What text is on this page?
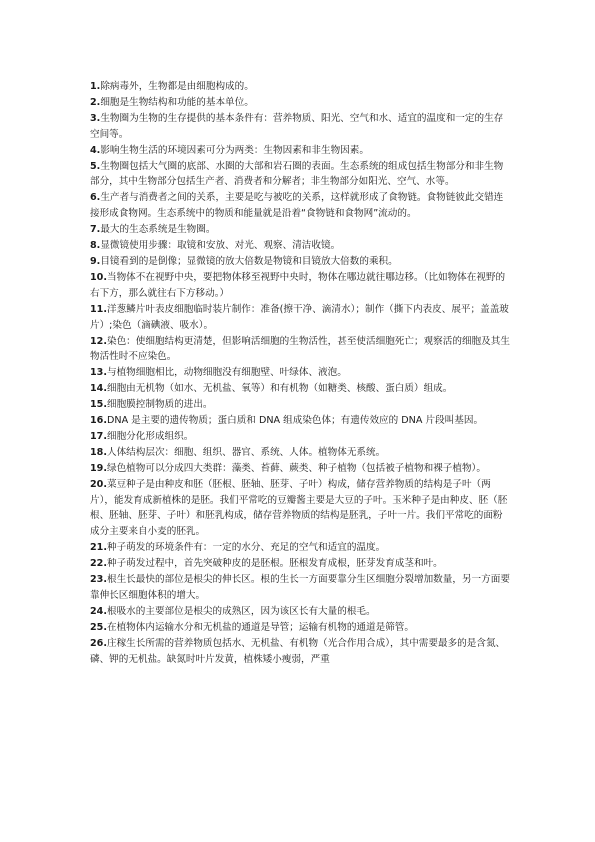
1.除病毒外，生物都是由细胞构成的。

2.细胞是生物结构和功能的基本单位。

3.生物圈为生物的生存提供的基本条件有：营养物质、阳光、空气和水、适宜的温度和一定的生存空间等。

4.影响生物生活的环境因素可分为两类：生物因素和非生物因素。

5.生物圈包括大气圈的底部、水圈的大部和岩石圈的表面。生态系统的组成包括生物部分和非生物部分，其中生物部分包括生产者、消费者和分解者；非生物部分如阳光、空气、水等。

6.生产者与消费者之间的关系，主要是吃与被吃的关系，这样就形成了食物链。食物链彼此交错连接形成食物网。生态系统中的物质和能量就是沿着“食物链和食物网”流动的。

7.最大的生态系统是生物圈。

8.显微镜使用步骤：取镜和安放、对光、观察、清洁收镜。

9.目镜看到的是倒像；显微镜的放大倍数是物镜和目镜放大倍数的乘积。

10.当物体不在视野中央，要把物体移至视野中央时，物体在哪边就往哪边移。（比如物体在视野的右下方，那么就往右下方移动。）

11.洋葱鳞片叶表皮细胞临时装片制作：准备(擦干净、滴清水）；制作（撕下内表皮、展平；盖盖玻片）;染色（滴碘液、吸水）。

12.染色：使细胞结构更清楚，但影响活细胞的生物活性，甚至使活细胞死亡；观察活的细胞及其生物活性时不应染色。

13.与植物细胞相比，动物细胞没有细胞壁、叶绿体、液泡。

14.细胞由无机物（如水、无机盐、氧等）和有机物（如糖类、核酸、蛋白质）组成。

15.细胞膜控制物质的进出。

16.DNA 是主要的遗传物质；蛋白质和 DNA 组成染色体；有遗传效应的 DNA 片段叫基因。

17.细胞分化形成组织。

18.人体结构层次：细胞、组织、器官、系统、人体。植物体无系统。

19.绿色植物可以分成四大类群：藻类、苔藓、蕨类、种子植物（包括被子植物和裸子植物）。

20.菜豆种子是由种皮和胚（胚根、胚轴、胚芽、子叶）构成，储存营养物质的结构是子叶（两片），能发育成新植株的是胚。我们平常吃的豆瓣酱主要是大豆的子叶。玉米种子是由种皮、胚（胚根、胚轴、胚芽、子叶）和胚乳构成，储存营养物质的结构是胚乳，子叶一片。我们平常吃的面粉成分主要来自小麦的胚乳。

21.种子萌发的环境条件有：一定的水分、充足的空气和适宜的温度。

22.种子萌发过程中，首先突破种皮的是胚根。胚根发育成根，胚芽发育成茎和叶。

23.根生长最快的部位是根尖的伸长区。根的生长一方面要靠分生区细胞分裂增加数量，另一方面要靠伸长区细胞体积的增大。

24.根吸水的主要部位是根尖的成熟区，因为该区长有大量的根毛。

25.在植物体内运输水分和无机盐的通道是导管；运输有机物的通道是筛管。

26.庄稼生长所需的营养物质包括水、无机盐、有机物（光合作用合成），其中需要最多的是含氮、磷、钾的无机盐。缺氮时叶片发黄，植株矮小瘦弱，严重
